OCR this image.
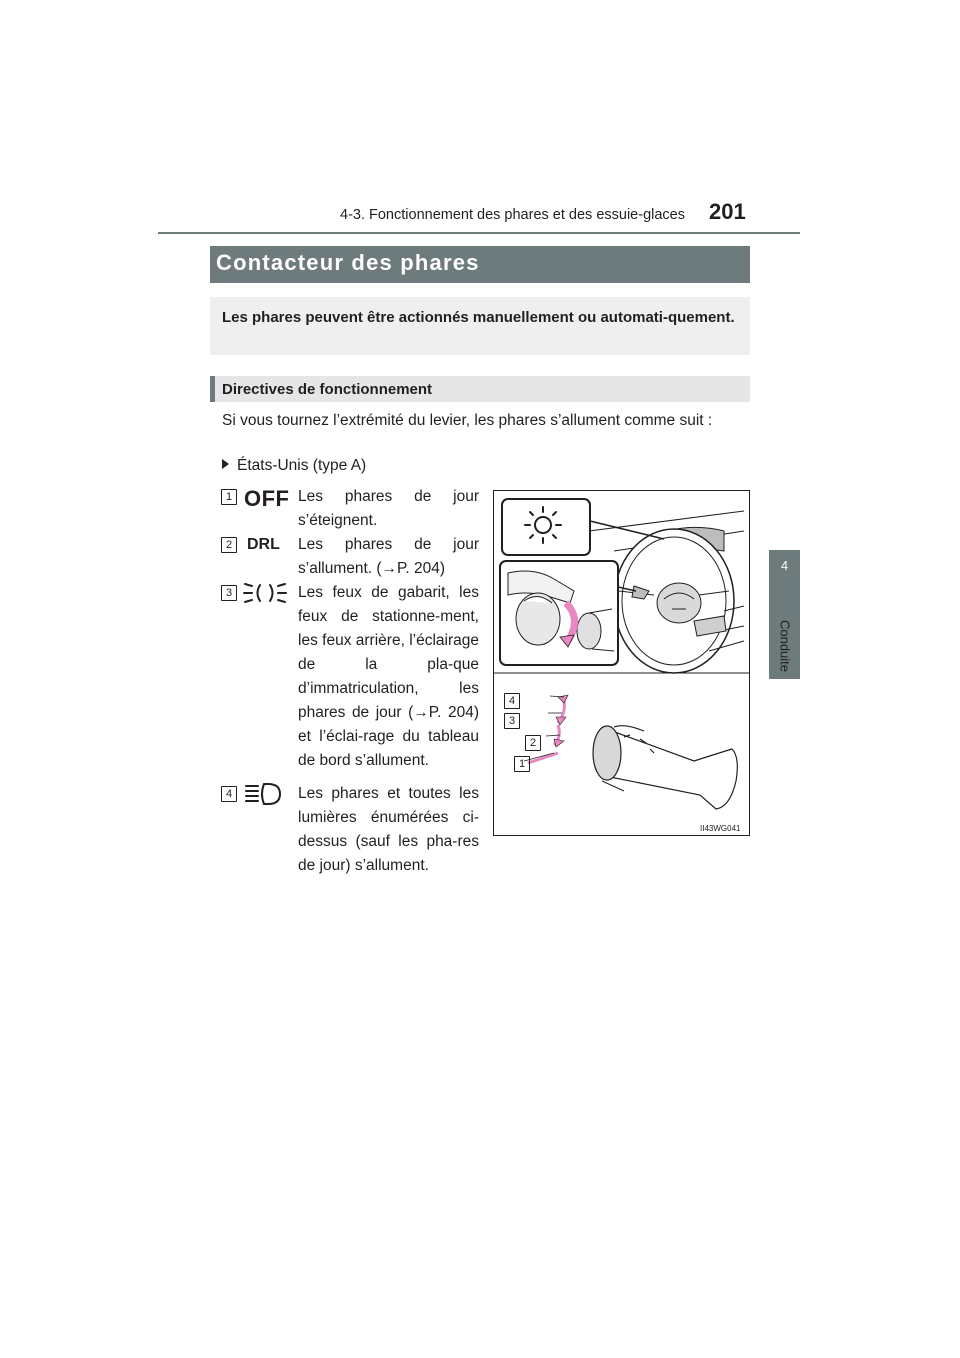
4-3. Fonctionnement des phares et des essuie-glaces 201
4
Conduite
Contacteur des phares
Les phares peuvent être actionnés manuellement ou automati-quement.
Directives de fonctionnement
Si vous tournez l’extrémité du levier, les phares s’allument comme suit :
États-Unis (type A)
1 OFF Les phares de jour s’éteignent.
2 DRL Les phares de jour s’allument. (→P. 204)
3	Les feux de gabarit, les feux de stationne-ment, les feux arrière, l’éclairage de la pla-que d’immatriculation, les phares de jour (→P. 204) et l’éclai-rage du tableau de bord s’allument.
4	Les phares et toutes les lumières énumérées ci-dessus (sauf les pha-res de jour) s’allument.
4
3
2
1
II43WG041
